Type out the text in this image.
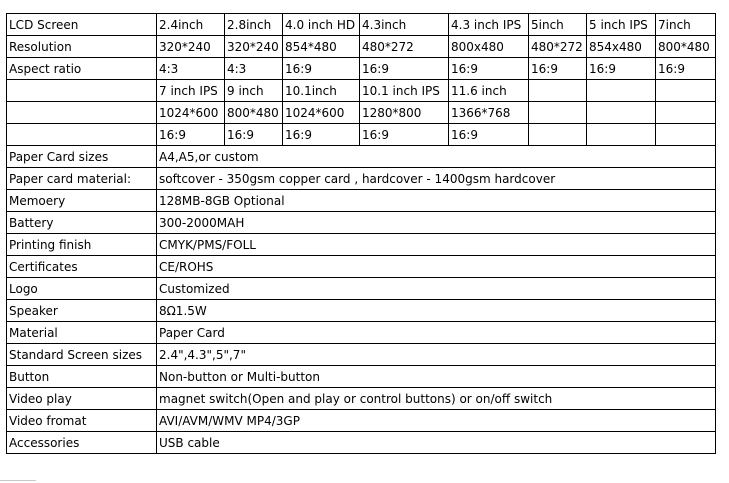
LCD Screen	2.4inch	2.8inch	4.0 inch HD	4.3inch	4.3 inch IPS	5inch	5 inch IPS	7inch
Resolution	320*240	320*240	854*480	480*272	800x480	480*272	854x480	800*480
Aspect ratio	4:3	4:3	16:9	16:9	16:9	16:9	16:9	16:9
	7 inch IPS	9 inch	10.1inch	10.1 inch IPS	11.6 inch			
	1024*600	800*480	1024*600	1280*800	1366*768			
	16:9	16:9	16:9	16:9	16:9			
Paper Card sizes	A4,A5,or custom							
Paper card material:	softcover - 350gsm copper card , hardcover - 1400gsm hardcover							
Memoery	128MB-8GB Optional							
Battery	300-2000MAH							
Printing finish	CMYK/PMS/FOLL							
Certificates	CE/ROHS							
Logo	Customized							
Speaker	8Ω1.5W							
Material	Paper Card							
Standard Screen sizes	2.4",4.3",5",7"							
Button	Non-button or Multi-button							
Video play	magnet switch(Open and play or control buttons) or on/off switch							
Video fromat	AVI/AVM/WMV MP4/3GP							
Accessories	USB cable							
